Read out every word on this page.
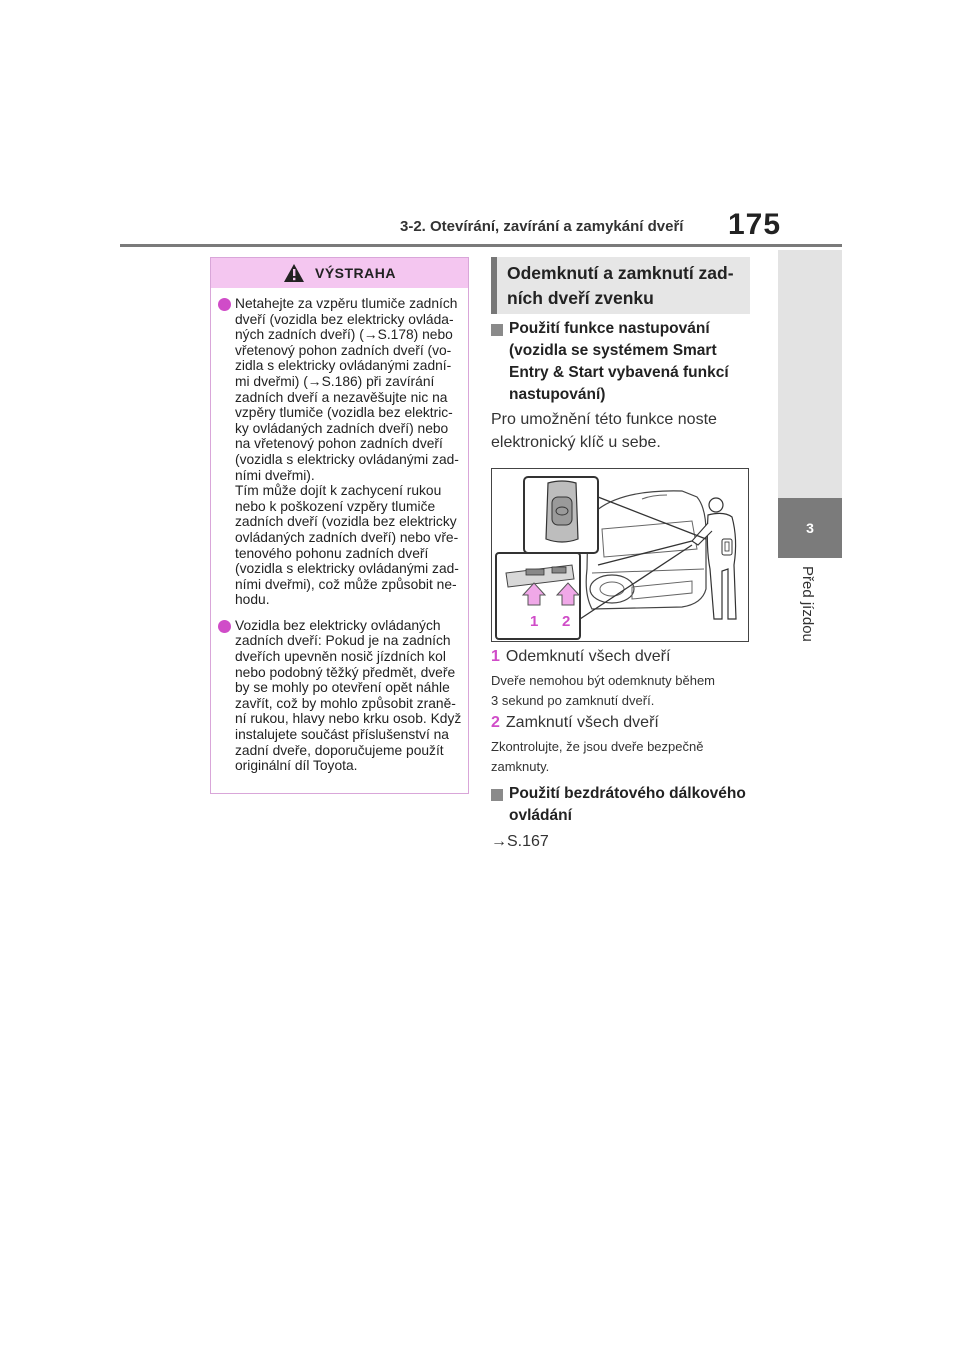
3-2. Otevírání, zavírání a zamykání dveří 175
3
Před jízdou
VÝSTRAHA
Netahejte za vzpěru tlumiče zadních
dveří (vozidla bez elektricky ovláda-
ných zadních dveří) (→S.178) nebo
vřetenový pohon zadních dveří (vo-
zidla s elektricky ovládanými zadní-
mi dveřmi) (→S.186) při zavírání
zadních dveří a nezavěšujte nic na
vzpěry tlumiče (vozidla bez elektric-
ky ovládaných zadních dveří) nebo
na vřetenový pohon zadních dveří
(vozidla s elektricky ovládanými zad-
ními dveřmi).
Tím může dojít k zachycení rukou
nebo k poškození vzpěry tlumiče
zadních dveří (vozidla bez elektricky
ovládaných zadních dveří) nebo vře-
tenového pohonu zadních dveří
(vozidla s elektricky ovládanými zad-
ními dveřmi), což může způsobit ne-
hodu.
Vozidla bez elektricky ovládaných
zadních dveří: Pokud je na zadních
dveřích upevněn nosič jízdních kol
nebo podobný těžký předmět, dveře
by se mohly po otevření opět náhle
zavřít, což by mohlo způsobit zraně-
ní rukou, hlavy nebo krku osob. Když
instalujete součást příslušenství na
zadní dveře, doporučujeme použít
originální díl Toyota.
Odemknutí a zamknutí zad-
ních dveří zvenku
Použití funkce nastupování
(vozidla se systémem Smart
Entry & Start vybavená funkcí
nastupování)
Pro umožnění této funkce noste
elektronický klíč u sebe.
1 2
1 Odemknutí všech dveří
Dveře nemohou být odemknuty během
3 sekund po zamknutí dveří.
2 Zamknutí všech dveří
Zkontrolujte, že jsou dveře bezpečně
zamknuty.
Použití bezdrátového dálkového
ovládání
→S.167
